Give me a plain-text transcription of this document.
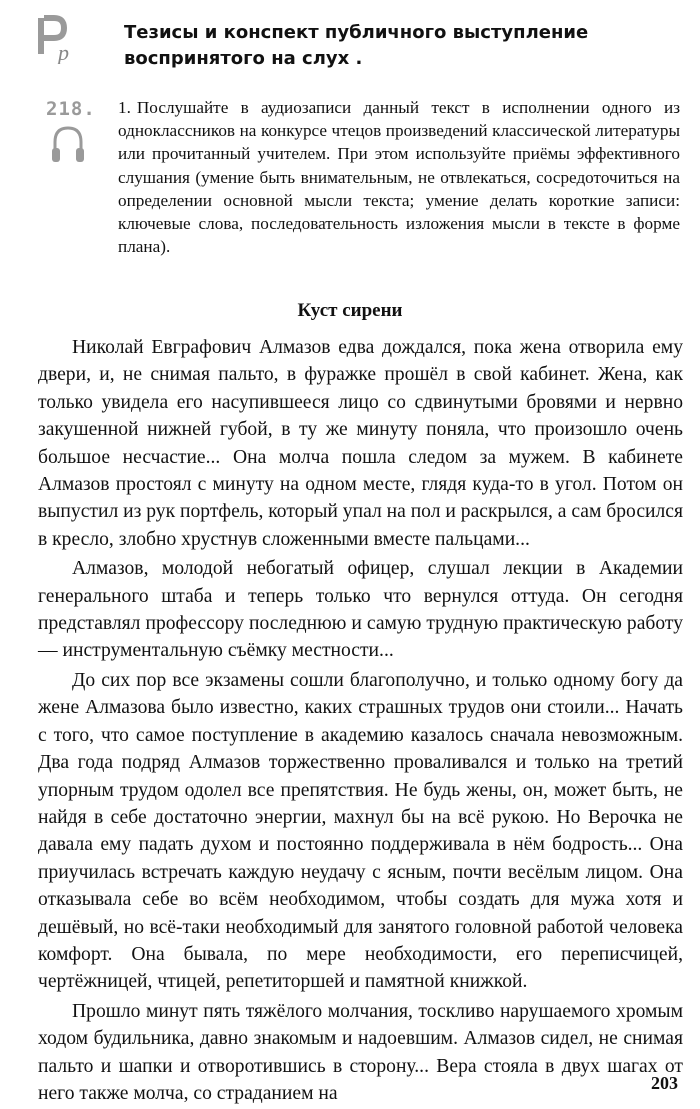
p
Тезисы и конспект публичного выступление
воспринятого на слух .
218. 1. Послушайте в аудиозаписи данный текст в исполнении одного из одноклассников на конкурсе чтецов произведений классической литературы или прочитанный учителем. При этом используйте приёмы эффективного слушания (умение быть внимательным, не отвлекаться, сосредоточиться на определении основной мысли текста; умение делать короткие записи: ключевые слова, последовательность изложения мысли в тексте в форме плана).
Куст сирени

Николай Евграфович Алмазов едва дождался, пока жена отворила ему двери, и, не снимая пальто, в фуражке прошёл в свой кабинет. Жена, как только увидела его насупившееся лицо со сдвинутыми бровями и нервно закушенной нижней губой, в ту же минуту поняла, что произошло очень большое несчастие... Она молча пошла следом за мужем. В кабинете Алмазов простоял с минуту на одном месте, глядя куда-то в угол. Потом он выпустил из рук портфель, который упал на пол и раскрылся, а сам бросился в кресло, злобно хрустнув сложенными вместе пальцами...

Алмазов, молодой небогатый офицер, слушал лекции в Академии генерального штаба и теперь только что вернулся оттуда. Он сегодня представлял профессору последнюю и самую трудную практическую работу — инструментальную съёмку местности...

До сих пор все экзамены сошли благополучно, и только одному богу да жене Алмазова было известно, каких страшных трудов они стоили... Начать с того, что самое поступление в академию казалось сначала невозможным. Два года подряд Алмазов торжественно проваливался и только на третий упорным трудом одолел все препятствия. Не будь жены, он, может быть, не найдя в себе достаточно энергии, махнул бы на всё рукою. Но Верочка не давала ему падать духом и постоянно поддерживала в нём бодрость... Она приучилась встречать каждую неудачу с ясным, почти весёлым лицом. Она отказывала себе во всём необходимом, чтобы создать для мужа хотя и дешёвый, но всё-таки необходимый для занятого головной работой человека комфорт. Она бывала, по мере необходимости, его переписчицей, чертёжницей, чтицей, репетиторшей и памятной книжкой.

Прошло минут пять тяжёлого молчания, тоскливо нарушаемого хромым ходом будильника, давно знакомым и надоевшим. Алмазов сидел, не снимая пальто и шапки и отворотившись в сторону... Вера стояла в двух шагах от него также молча, со страданием на	203
